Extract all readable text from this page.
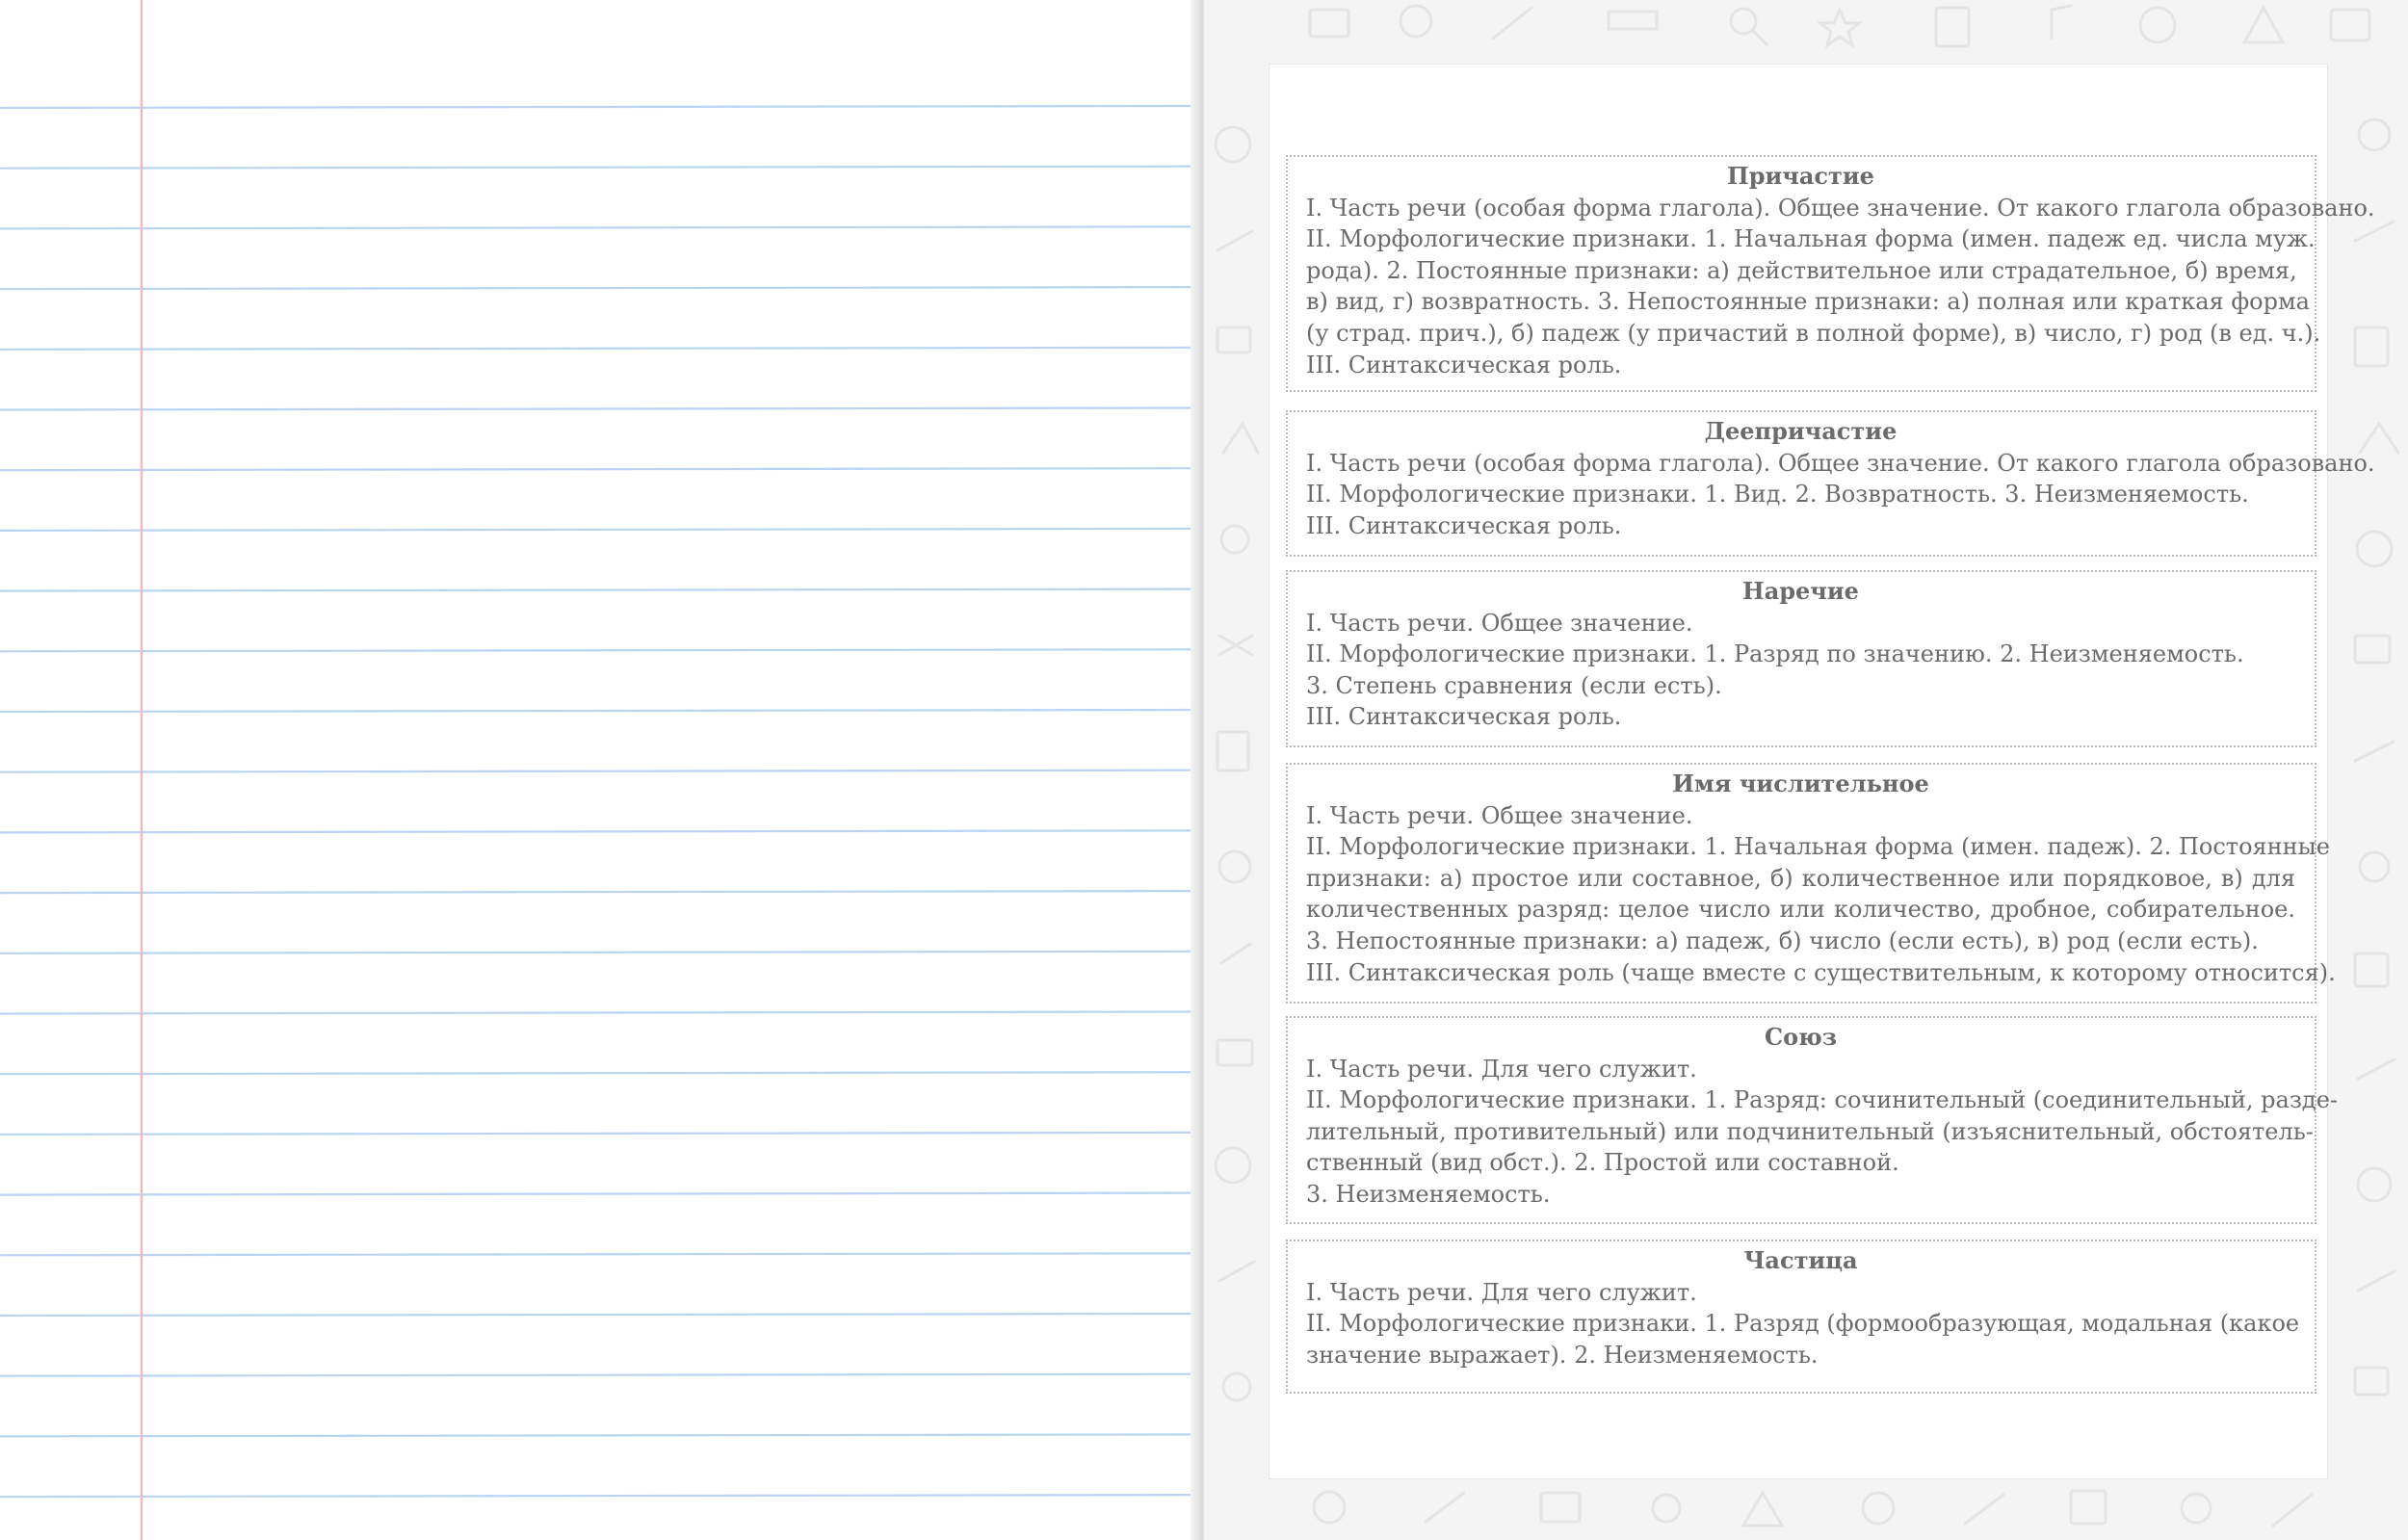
Причастие

I. Часть речи (особая форма глагола). Общее значение. От какого глагола образовано.

II. Морфологические признаки. 1. Начальная форма (имен. падеж ед. числа муж.

рода). 2. Постоянные признаки: а) действительное или страдательное, б) время,

в) вид, г) возвратность. 3. Непостоянные признаки: а) полная или краткая форма

(у страд. прич.), б) падеж (у причастий в полной форме), в) число, г) род (в ед. ч.).

III. Синтаксическая роль.

Деепричастие

I. Часть речи (особая форма глагола). Общее значение. От какого глагола образовано.

II. Морфологические признаки. 1. Вид. 2. Возвратность. 3. Неизменяемость.

III. Синтаксическая роль.

Наречие

I. Часть речи. Общее значение.

II. Морфологические признаки. 1. Разряд по значению. 2. Неизменяемость.

3. Степень сравнения (если есть).

III. Синтаксическая роль.

Имя числительное

I. Часть речи. Общее значение.

II. Морфологические признаки. 1. Начальная форма (имен. падеж). 2. Постоянные

признаки: а) простое или составное, б) количественное или порядковое, в) для

количественных разряд: целое число или количество, дробное, собирательное.

3. Непостоянные признаки: а) падеж, б) число (если есть), в) род (если есть).

III. Синтаксическая роль (чаще вместе с существительным, к которому относится).

Союз

I. Часть речи. Для чего служит.

II. Морфологические признаки. 1. Разряд: сочинительный (соединительный, разде-

лительный, противительный) или подчинительный (изъяснительный, обстоятель-

ственный (вид обст.). 2. Простой или составной.

3. Неизменяемость.

Частица

I. Часть речи. Для чего служит.

II. Морфологические признаки. 1. Разряд (формообразующая, модальная (какое

значение выражает). 2. Неизменяемость.
